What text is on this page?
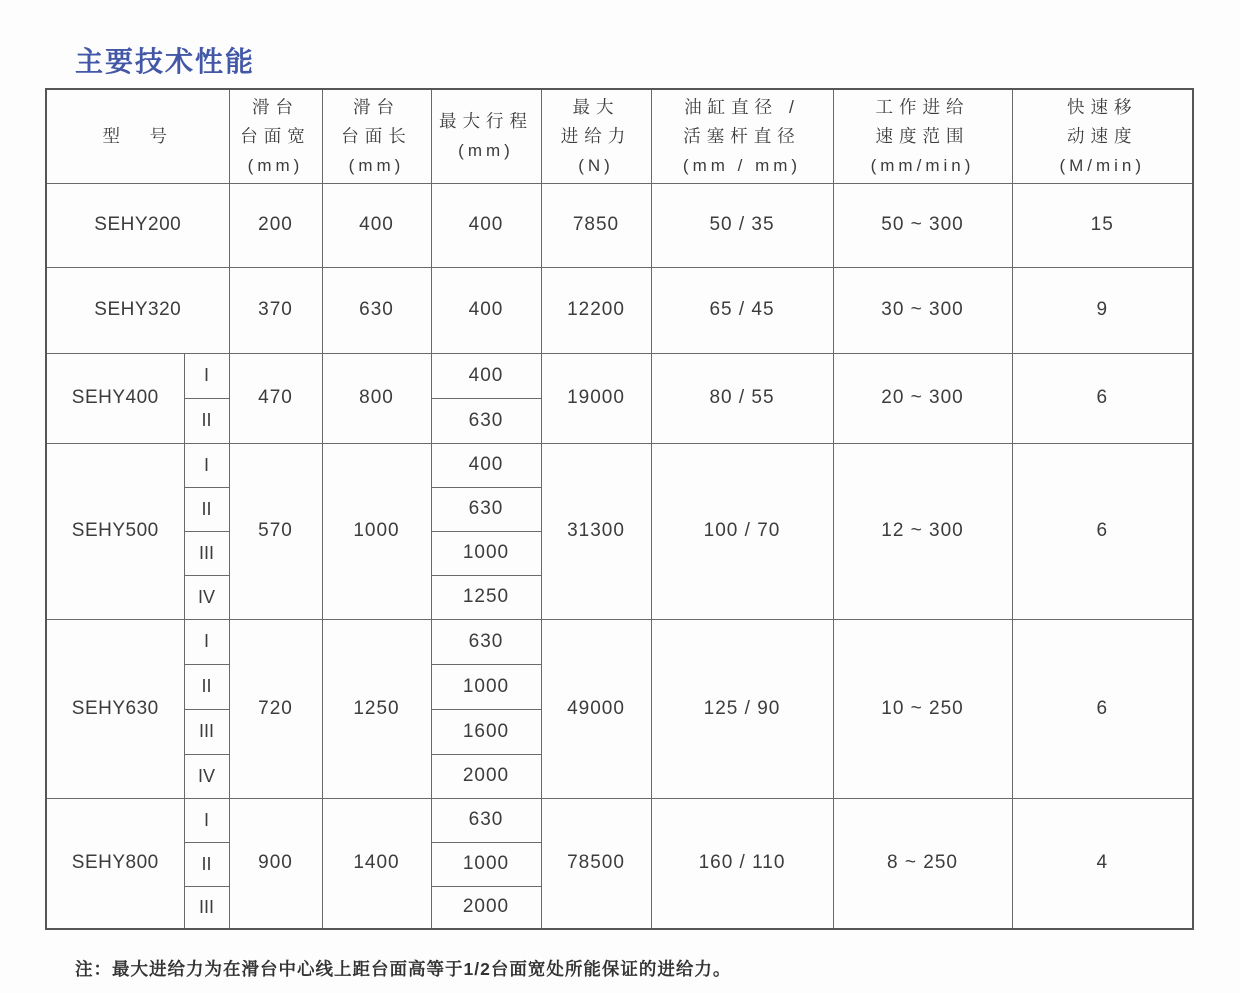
主要技术性能
型　号		滑台
台面宽
(mm)	滑台
台面长
(mm)	最大行程
(mm)	最大
进给力
(N)	油缸直径 /
活塞杆直径
(mm / mm)	工作进给
速度范围
(mm/min)	快速移
动速度
(M/min)

SEHY200		200	400	400	7850	50 / 35	50 ~ 300	15
SEHY320		370	630	400	12200	65 / 45	30 ~ 300	9
SEHY400	I	470	800	400	19000	80 / 55	20 ~ 300	6
	II			630				
SEHY500	I	570	1000	400	31300	100 / 70	12 ~ 300	6
	II			630				
	III			1000				
	IV			1250				
SEHY630	I	720	1250	630	49000	125 / 90	10 ~ 250	6
	II			1000				
	III			1600				
	IV			2000				
SEHY800	I	900	1400	630	78500	160 / 110	8 ~ 250	4
	II			1000				
	III			2000				

注：最大进给力为在滑台中心线上距台面高等于1/2台面宽处所能保证的进给力。
